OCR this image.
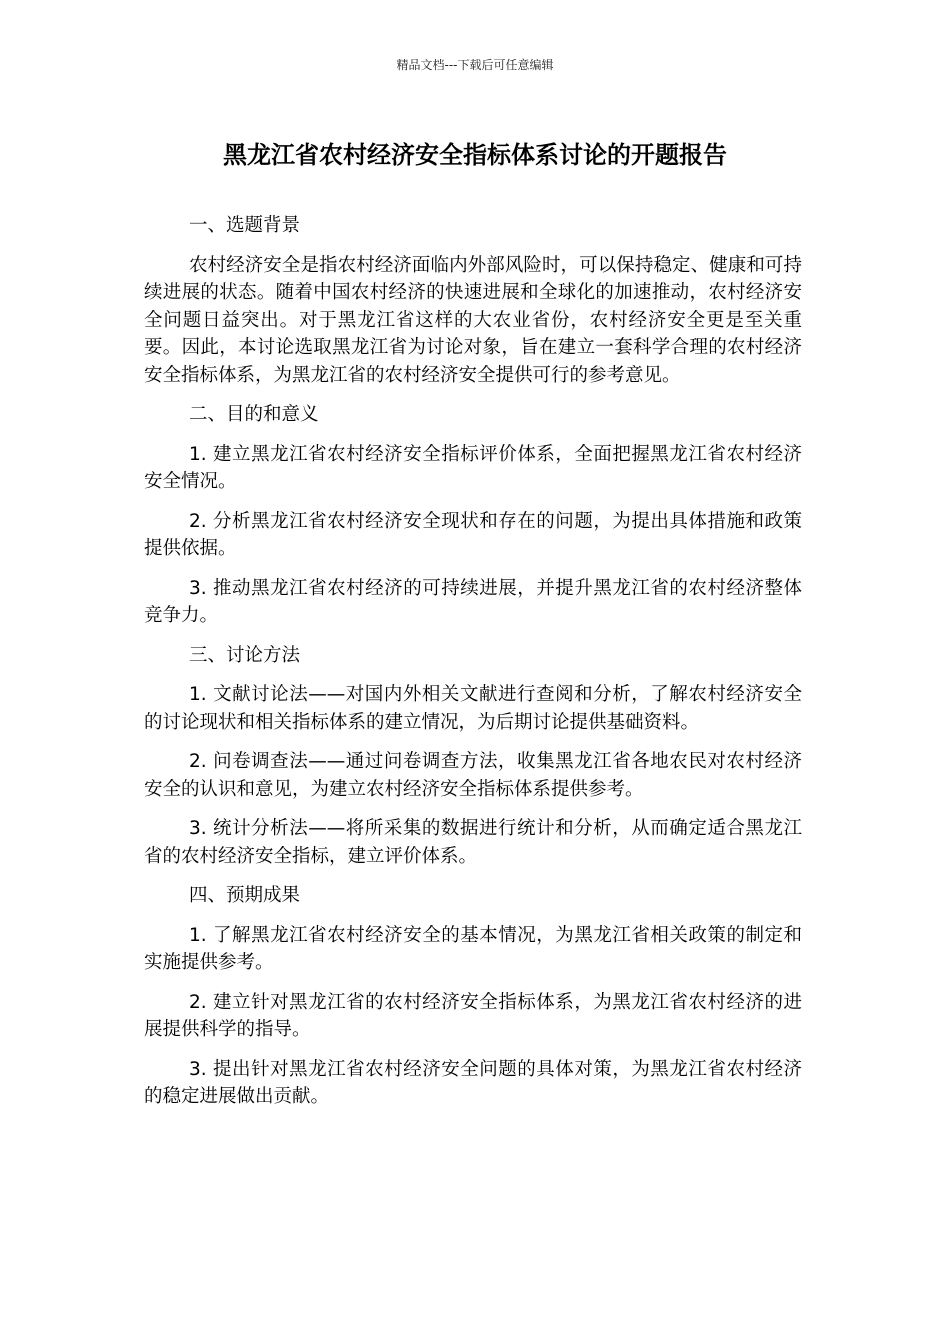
精品文档---下载后可任意编辑
黑龙江省农村经济安全指标体系讨论的开题报告

一、选题背景

农村经济安全是指农村经济面临内外部风险时，可以保持稳定、健康和可持续进展的状态。随着中国农村经济的快速进展和全球化的加速推动，农村经济安全问题日益突出。对于黑龙江省这样的大农业省份，农村经济安全更是至关重要。因此，本讨论选取黑龙江省为讨论对象，旨在建立一套科学合理的农村经济安全指标体系，为黑龙江省的农村经济安全提供可行的参考意见。

二、目的和意义

1. 建立黑龙江省农村经济安全指标评价体系，全面把握黑龙江省农村经济安全情况。

2. 分析黑龙江省农村经济安全现状和存在的问题，为提出具体措施和政策提供依据。

3. 推动黑龙江省农村经济的可持续进展，并提升黑龙江省的农村经济整体竞争力。

三、讨论方法

1. 文献讨论法——对国内外相关文献进行查阅和分析，了解农村经济安全的讨论现状和相关指标体系的建立情况，为后期讨论提供基础资料。

2. 问卷调查法——通过问卷调查方法，收集黑龙江省各地农民对农村经济安全的认识和意见，为建立农村经济安全指标体系提供参考。

3. 统计分析法——将所采集的数据进行统计和分析，从而确定适合黑龙江省的农村经济安全指标，建立评价体系。

四、预期成果

1. 了解黑龙江省农村经济安全的基本情况，为黑龙江省相关政策的制定和实施提供参考。

2. 建立针对黑龙江省的农村经济安全指标体系，为黑龙江省农村经济的进展提供科学的指导。

3. 提出针对黑龙江省农村经济安全问题的具体对策，为黑龙江省农村经济的稳定进展做出贡献。
